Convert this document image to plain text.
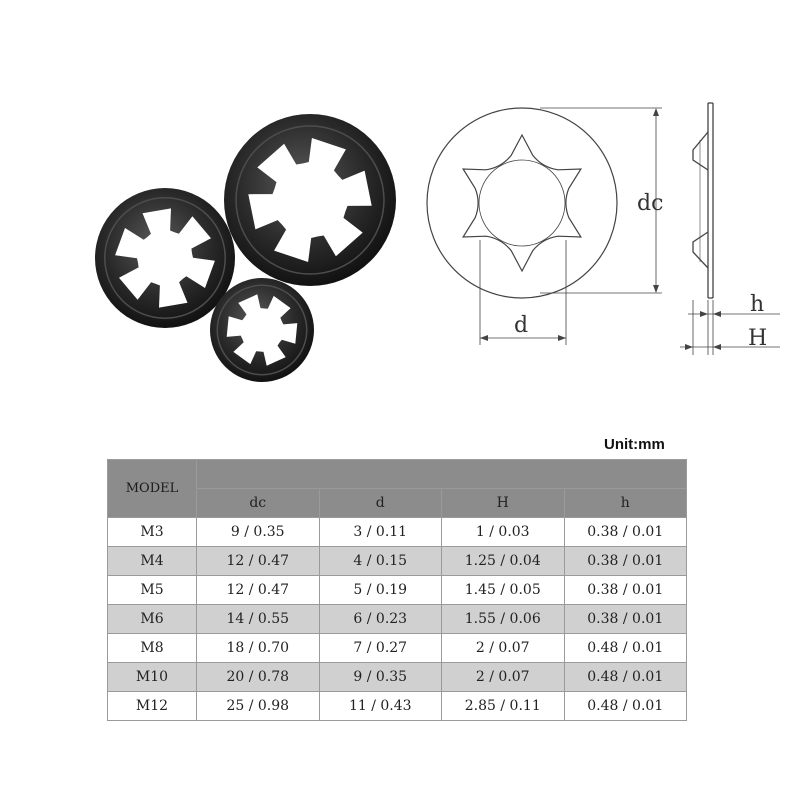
dc
d
h
H
Unit:mm
MODEL				
	dc	d	H	h
M3	9 / 0.35	3 / 0.11	1 / 0.03	0.38 / 0.01
M4	12 / 0.47	4 / 0.15	1.25 / 0.04	0.38 / 0.01
M5	12 / 0.47	5 / 0.19	1.45 / 0.05	0.38 / 0.01
M6	14 / 0.55	6 / 0.23	1.55 / 0.06	0.38 / 0.01
M8	18 / 0.70	7 / 0.27	2 / 0.07	0.48 / 0.01
M10	20 / 0.78	9 / 0.35	2 / 0.07	0.48 / 0.01
M12	25 / 0.98	11 / 0.43	2.85 / 0.11	0.48 / 0.01
